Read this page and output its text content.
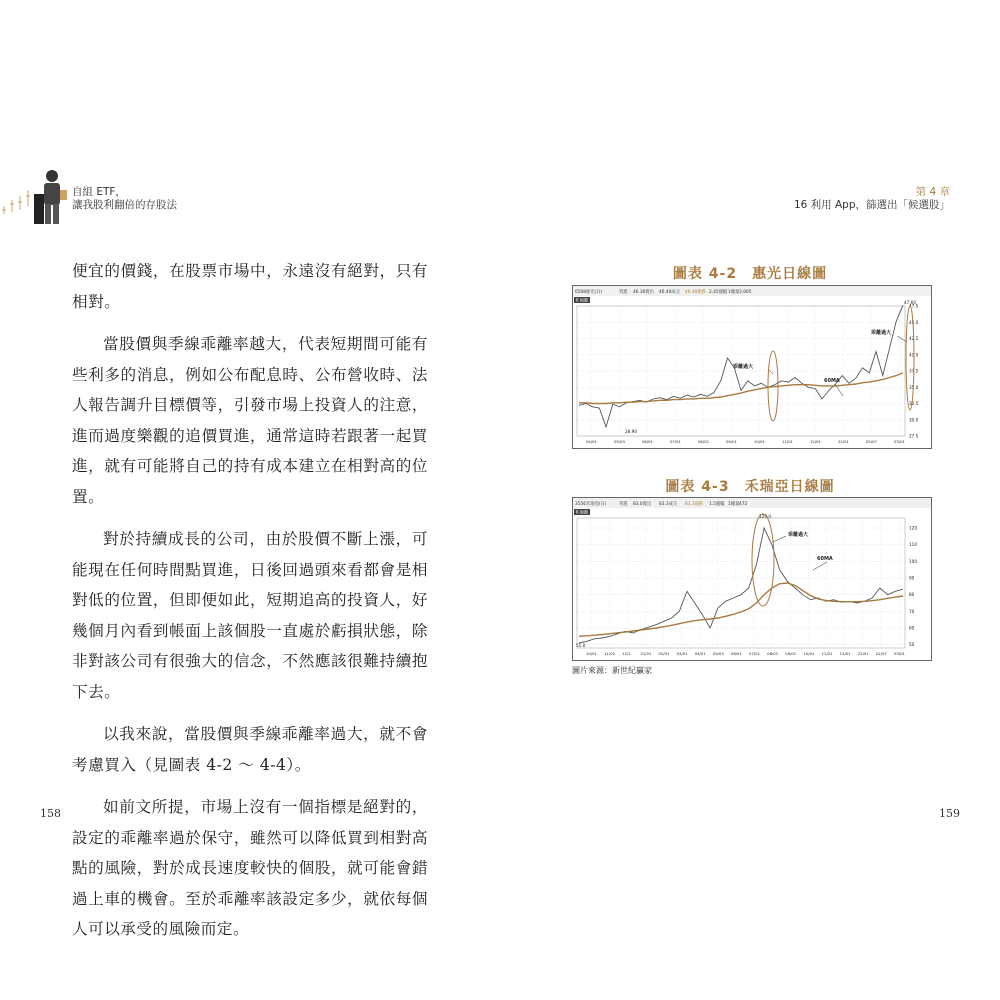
自組 ETF，
讓我股利翻倍的存股法
第 4 章
16 利用 App，篩選出「候選股」

便宜的價錢，在股票市場中，永遠沒有絕對，只有相對。

當股價與季線乖離率越大，代表短期間可能有些利多的消息，例如公布配息時、公布營收時、法人報告調升目標價等，引發市場上投資人的注意，進而過度樂觀的追價買進，通常這時若跟著一起買進，就有可能將自己的持有成本建立在相對高的位置。

對於持續成長的公司，由於股價不斷上漲，可能現在任何時間點買進，日後回過頭來看都會是相對低的位置，但即便如此，短期追高的投資人，好幾個月內看到帳面上該個股一直處於虧損狀態，除非對該公司有很強大的信念，不然應該很難持續抱下去。

以我來說，當股價與季線乖離率過大，就不會考慮買入（見圖表 4-2 ～ 4-4）。

如前文所提，市場上沒有一個指標是絕對的，設定的乖離率過於保守，雖然可以降低買到相對高點的風險，對於成長速度較快的個股，就可能會錯過上車的機會。至於乖離率該設定多少，就依每個人可以承受的風險而定。

158	159
圖表 4-2　惠光日線圖
6508惠光(日)	買進 46.30賣出 46.40成交 46.40漲跌 2.45漲幅 1總量 3,905
K 線圖
27.5
30.0
32.5
35.0
37.5
40.0
42.5
45.0
47.5
04/01	05/03	06/01	07/01	08/02	09/01	10/01	11/01	12/01	22/01	02/07	03/01
乖離過大
乖離過大
60MA
28.90
47.60
圖表 4-3　禾瑞亞日線圖
3556禾瑞亞(日)	買進 83.0賣出 83.3成交 83.3漲跌 1.5漲幅 1總量 472
K 線圖
50
60
70
80
90
100
110
120
10/01 11/02 12/1	21/01 02/01 03/01 04/01 05/03 06/01 07/01 08/02 09/01 10/01 11/01 12/01 22/01 02/07 03/01
乖離過大
60MA
51.0
120.0
圖片來源：新世紀贏家
